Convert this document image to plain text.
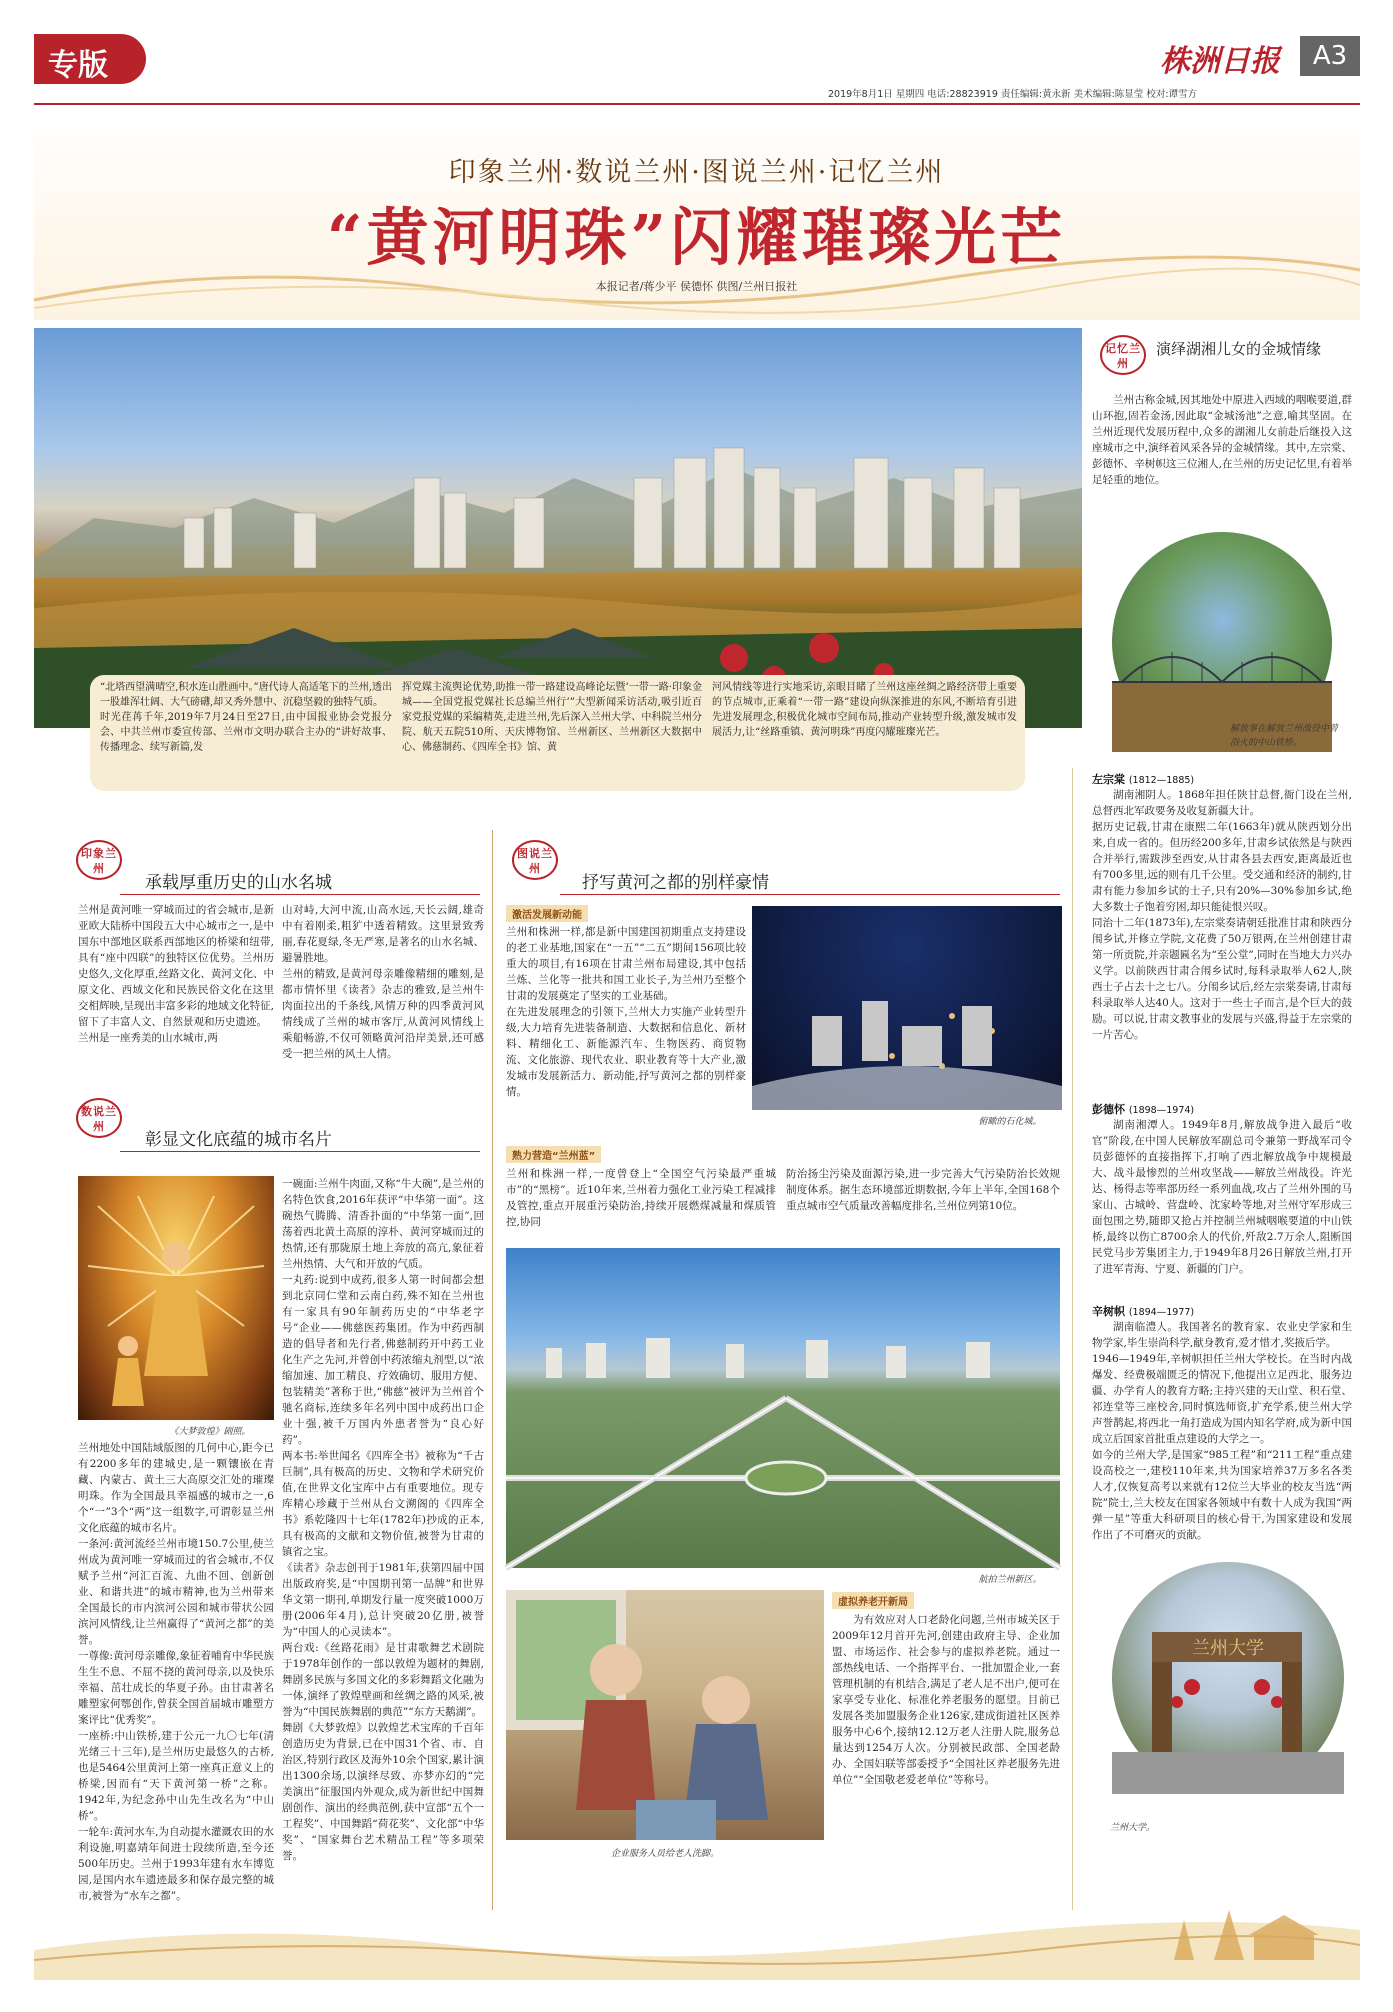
专版
2019年8月1日 星期四 电话:28823919 责任编辑:黄永新 美术编辑:陈显莹 校对:谭雪方
株洲日报	A3
印象兰州·数说兰州·图说兰州·记忆兰州
“黄河明珠”闪耀璀璨光芒
本报记者/蒋少平 侯德怀 供图/兰州日报社
“北塔西望满晴空,积水连山胜画中。”唐代诗人高适笔下的兰州,透出一股雄浑壮阔、大气磅礴,却又秀外慧中、沉稳坚毅的独特气质。
时光荏苒千年,2019年7月24日至27日,由中国报业协会党报分会、中共兰州市委宣传部、兰州市文明办联合主办的“讲好故事、传播理念、续写新篇,发
挥党媒主流舆论优势,助推一带一路建设高峰论坛暨‘一带一路·印象金城——全国党报党媒社长总编兰州行’”大型新闻采访活动,吸引近百家党报党媒的采编精英,走进兰州,先后深入兰州大学、中科院兰州分院、航天五院510所、天庆博物馆、兰州新区、兰州新区大数据中心、佛慈制药、《四库全书》馆、黄
河风情线等进行实地采访,亲眼目睹了兰州这座丝绸之路经济带上重要的节点城市,正乘着“一带一路”建设向纵深推进的东风,不断培育引进先进发展理念,积极优化城市空间布局,推动产业转型升级,激发城市发展活力,让“丝路重镇、黄河明珠”再度闪耀璀璨光芒。
记忆兰州
演绎湖湘儿女的金城情缘
兰州古称金城,因其地处中原进入西域的咽喉要道,群山环抱,固若金汤,因此取“金城汤池”之意,喻其坚固。在兰州近现代发展历程中,众多的湖湘儿女前赴后继投入这座城市之中,演绎着风采各异的金城情缘。其中,左宗棠、彭德怀、辛树帜这三位湘人,在兰州的历史记忆里,有着举足轻重的地位。
解放事在解放兰州战役中曾浴火的中山铁桥。
左宗棠 (1812—1885)
湖南湘阴人。1868年担任陕甘总督,衙门设在兰州,总督西北军政要务及收复新疆大计。
据历史记载,甘肃在康熙二年(1663年)就从陕西划分出来,自成一省的。但历经200多年,甘肃乡试依然是与陕西合并举行,需跋涉至西安,从甘肃各县去西安,距离最近也有700多里,远的则有几千公里。受交通和经济的制约,甘肃有能力参加乡试的士子,只有20%—30%参加乡试,绝大多数士子饱着穷困,却只能徒恨兴叹。
同治十二年(1873年),左宗棠奏请朝廷批准甘肃和陕西分闱乡试,并修立学院,文花费了50万银两,在兰州创建甘肃第一所贡院,并亲题匾名为“至公堂”,同时在当地大力兴办义学。以前陕西甘肃合闱乡试时,每科录取举人62人,陕西士子占去十之七八。分闱乡试后,经左宗棠奏请,甘肃每科录取举人达40人。这对于一些士子而言,是个巨大的鼓励。可以说,甘肃文教事业的发展与兴盛,得益于左宗棠的一片苦心。
彭德怀 (1898—1974)
湖南湘潭人。1949年8月,解放战争进入最后“收官”阶段,在中国人民解放军副总司令兼第一野战军司令员彭德怀的直接指挥下,打响了西北解放战争中规模最大、战斗最惨烈的兰州攻坚战——解放兰州战役。许光达、杨得志等率部历经一系列血战,攻占了兰州外围的马家山、古城岭、营盘岭、沈家岭等地,对兰州守军形成三面包围之势,随即又抢占并控制兰州城咽喉要道的中山铁桥,最终以伤亡8700余人的代价,歼敌2.7万余人,阻断国民党马步芳集团主力,于1949年8月26日解放兰州,打开了进军青海、宁夏、新疆的门户。
辛树帜 (1894—1977)
湖南临澧人。我国著名的教育家、农业史学家和生物学家,毕生崇尚科学,献身教育,爱才惜才,奖掖后学。
1946—1949年,辛树帜担任兰州大学校长。在当时内战爆发、经费极端匮乏的情况下,他提出立足西北、服务边疆、办学育人的教育方略;主持兴建的天山堂、积石堂、祁连堂等三座校舍,同时慎选师资,扩充学系,使兰州大学声誉鹊起,将西北一角打造成为国内知名学府,成为新中国成立后国家首批重点建设的大学之一。
如今的兰州大学,是国家“985工程”和“211工程”重点建设高校之一,建校110年来,共为国家培养37万多名各类人才,仅恢复高考以来就有12位兰大毕业的校友当选“两院”院士,兰大校友在国家各领域中有数十人成为我国“两弹一星”等重大科研项目的核心骨干,为国家建设和发展作出了不可磨灭的贡献。
兰州大学
兰州大学。
印象兰州
承载厚重历史的山水名城
兰州是黄河唯一穿城而过的省会城市,是新亚欧大陆桥中国段五大中心城市之一,是中国东中部地区联系西部地区的桥梁和纽带,具有“座中四联”的独特区位优势。兰州历史悠久,文化厚重,丝路文化、黄河文化、中原文化、西域文化和民族民俗文化在这里交相辉映,呈现出丰富多彩的地域文化特征,留下了丰富人文、自然景观和历史遗迹。
兰州是一座秀美的山水城市,两
山对峙,大河中流,山高水远,天长云阔,雄奇中有着刚柔,粗犷中透着精致。这里景致秀丽,春花夏绿,冬无严寒,是著名的山水名城、避暑胜地。
兰州的精致,是黄河母亲雕像精细的雕刻,是都市情怀里《读者》杂志的雅致,是兰州牛肉面拉出的千条线,风情万种的四季黄河风情线成了兰州的城市客厅,从黄河风情线上乘船畅游,不仅可领略黄河沿岸美景,还可感受一把兰州的风土人情。
数说兰州
彰显文化底蕴的城市名片
《大梦敦煌》剧照。
兰州地处中国陆域版图的几何中心,距今已有2200多年的建城史,是一颗镶嵌在青藏、内蒙古、黄土三大高原交汇处的璀璨明珠。作为全国最具幸福感的城市之一,6个“一”3个“两”这一组数字,可谓彰显兰州文化底蕴的城市名片。
一条河:黄河流经兰州市境150.7公里,使兰州成为黄河唯一穿城而过的省会城市,不仅赋予兰州“河汇百流、九曲不回、创新创业、和谐共进”的城市精神,也为兰州带来全国最长的市内滨河公园和城市带状公园滨河风情线,让兰州赢得了“黄河之都”的美誉。
一尊像:黄河母亲雕像,象征着哺育中华民族生生不息、不屈不挠的黄河母亲,以及快乐幸福、茁壮成长的华夏子孙。由甘肃著名雕塑家何鄂创作,曾获全国首届城市雕塑方案评比“优秀奖”。
一座桥:中山铁桥,建于公元一九〇七年(清光绪三十三年),是兰州历史最悠久的古桥,也是5464公里黄河上第一座真正意义上的桥梁,因而有“天下黄河第一桥”之称。1942年,为纪念孙中山先生改名为“中山桥”。
一轮车:黄河水车,为自动提水灌溉农田的水利设施,明嘉靖年间进士段续所造,至今还500年历史。兰州于1993年建有水车博览园,是国内水车遗迹最多和保存最完整的城市,被誉为“水车之都”。
一碗面:兰州牛肉面,又称“牛大碗”,是兰州的名特色饮食,2016年获评“中华第一面”。这碗热气腾腾、清香扑面的“中华第一面”,回荡着西北黄土高原的淳朴、黄河穿城而过的热情,还有那陇原土地上奔放的高亢,象征着兰州热情、大气和开放的气质。
一丸药:说到中成药,很多人第一时间都会想到北京同仁堂和云南白药,殊不知在兰州也有一家具有90年制药历史的“中华老字号”企业——佛慈医药集团。作为中药西制造的倡导者和先行者,佛慈制药开中药工业化生产之先河,并曾创中药浓缩丸剂型,以“浓缩加速、加工精良、疗效确切、服用方便、包装精美”著称于世,“佛慈”被评为兰州首个驰名商标,连续多年名列中国中成药出口企业十强,被千万国内外患者誉为“良心好药”。
两本书:举世闻名《四库全书》被称为“千古巨制”,具有极高的历史、文物和学术研究价值,在世界文化宝库中占有重要地位。现专库精心珍藏于兰州从台文溯阁的《四库全书》系乾隆四十七年(1782年)抄成的正本,具有极高的文献和文物价值,被誉为甘肃的镇省之宝。
《读者》杂志创刊于1981年,获第四届中国出版政府奖,是“中国期刊第一品牌”和世界华文第一期刊,单期发行量一度突破1000万册(2006年4月),总计突破20亿册,被誉为“中国人的心灵读本”。
两台戏:《丝路花雨》是甘肃歌舞艺术剧院于1978年创作的一部以敦煌为题材的舞剧,舞剧多民族与多国文化的多彩舞蹈文化融为一体,演绎了敦煌壁画和丝绸之路的风采,被誉为“中国民族舞剧的典范”“东方天鹅湖”。
舞剧《大梦敦煌》以敦煌艺术宝库的千百年创造历史为背景,已在中国31个省、市、自治区,特别行政区及海外10余个国家,累计演出1300余场,以演绎尽致、亦梦亦幻的“完美演出”征服国内外观众,成为新世纪中国舞剧创作、演出的经典范例,获中宣部“五个一工程奖”、中国舞蹈“荷花奖”、文化部“中华奖”、“国家舞台艺术精品工程”等多项荣誉。
图说兰州
抒写黄河之都的别样豪情
激活发展新动能
兰州和株洲一样,都是新中国建国初期重点支持建设的老工业基地,国家在“一五”“二五”期间156项比较重大的项目,有16项在甘肃兰州布局建设,其中包括兰炼、兰化等一批共和国工业长子,为兰州乃至整个甘肃的发展奠定了坚实的工业基础。
在先进发展理念的引领下,兰州大力实施产业转型升级,大力培育先进装备制造、大数据和信息化、新材料、精细化工、新能源汽车、生物医药、商贸物流、文化旅游、现代农业、职业教育等十大产业,激发城市发展新活力、新动能,抒写黄河之都的别样豪情。
俯瞰的石化城。
熟力营造“兰州蓝”
兰州和株洲一样,一度曾登上“全国空气污染最严重城市”的“黑榜”。近10年来,兰州着力强化工业污染工程减排及管控,重点开展重污染防治,持续开展燃煤减量和煤质管控,协同
防治扬尘污染及面源污染,进一步完善大气污染防治长效规制度体系。据生态环境部近期数据,今年上半年,全国168个重点城市空气质量改善幅度排名,兰州位列第10位。
航拍兰州新区。
企业服务人员给老人洗脚。
虚拟养老开新局
为有效应对人口老龄化问题,兰州市城关区于2009年12月首开先河,创建由政府主导、企业加盟、市场运作、社会参与的虚拟养老院。通过一部热线电话、一个指挥平台、一批加盟企业,一套管理机制的有机结合,满足了老人足不出户,便可在家享受专业化、标准化养老服务的愿望。目前已发展各类加盟服务企业126家,建成街道社区医养服务中心6个,接纳12.12万老人注册人院,服务总量达到1254万人次。分别被民政部、全国老龄办、全国妇联等部委授予“全国社区养老服务先进单位”“全国敬老爱老单位”等称号。
